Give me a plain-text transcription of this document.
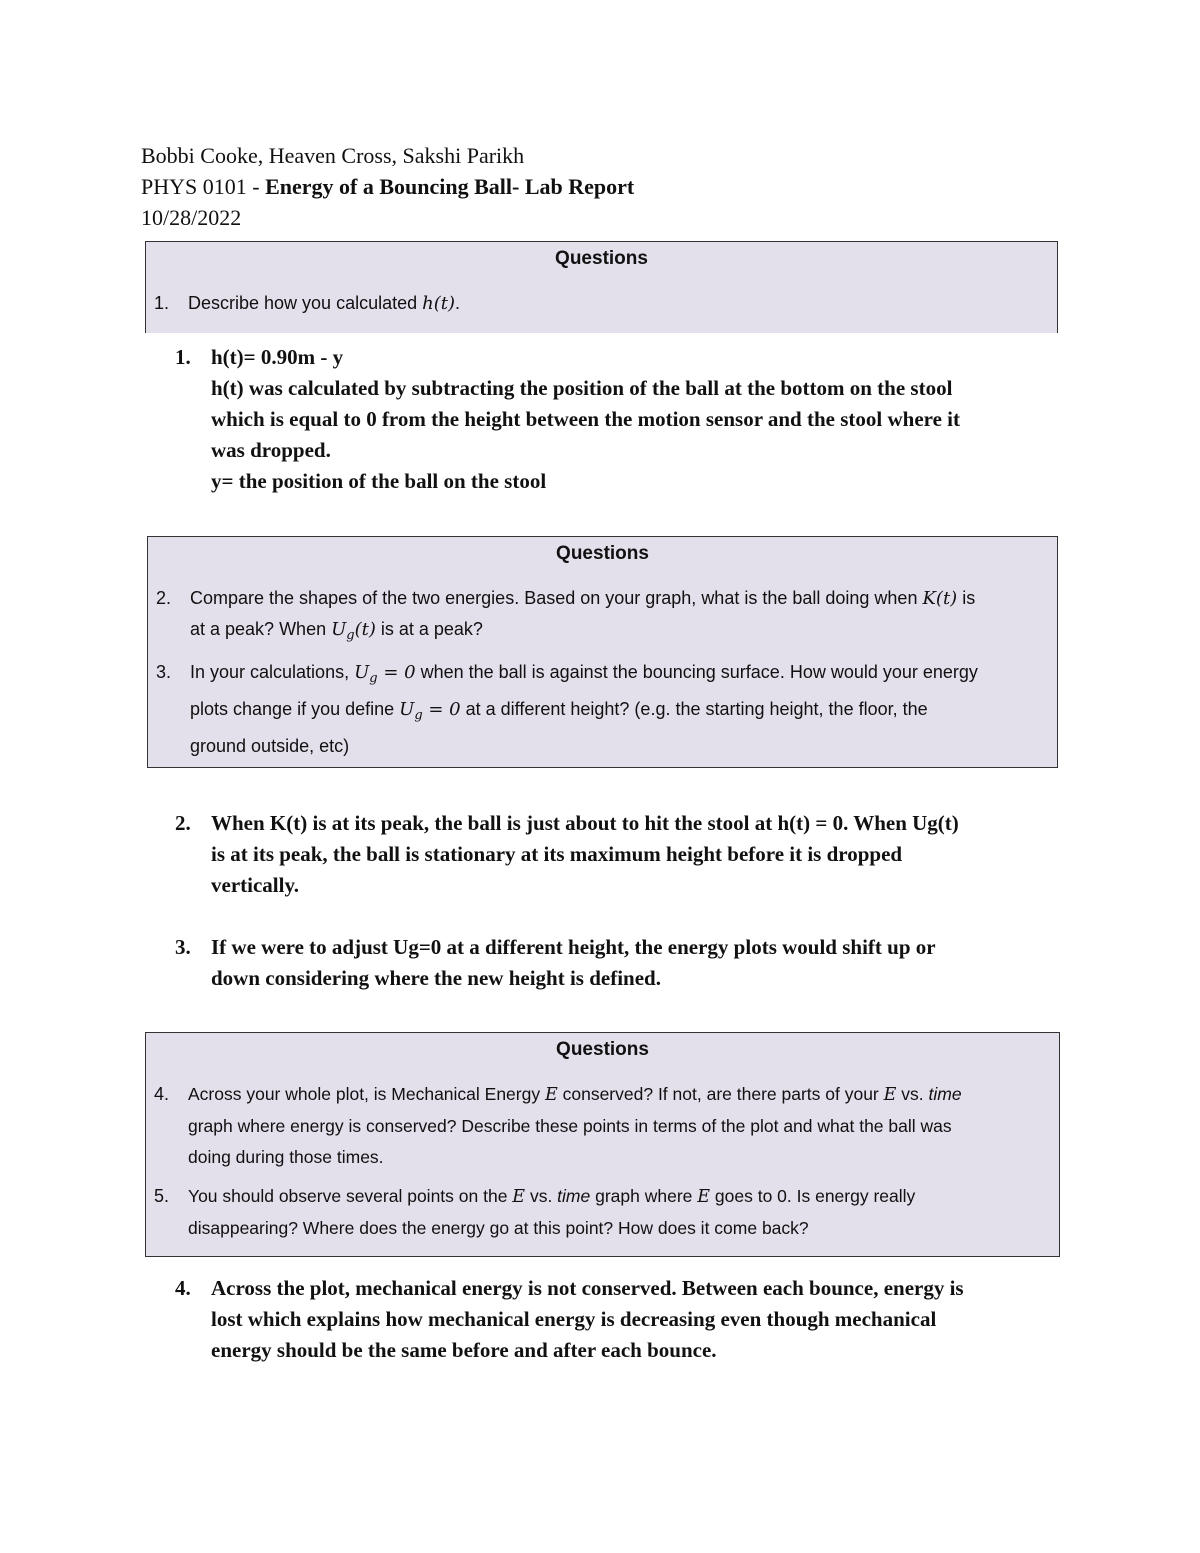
Bobbi Cooke, Heaven Cross, Sakshi Parikh
PHYS 0101 - Energy of a Bouncing Ball- Lab Report
10/28/2022
Questions
1. Describe how you calculated h(t).
1. h(t)= 0.90m - y
h(t) was calculated by subtracting the position of the ball at the bottom on the stool
which is equal to 0 from the height between the motion sensor and the stool where it
was dropped.
y= the position of the ball on the stool
Questions
2. Compare the shapes of the two energies. Based on your graph, what is the ball doing when K(t) is
at a peak? When $U_g(t)$ is at a peak?
3. In your calculations, $U_g = 0$ when the ball is against the bouncing surface. How would your energy
plots change if you define $U_g = 0$ at a different height? (e.g. the starting height, the floor, the
ground outside, etc)
2. When K(t) is at its peak, the ball is just about to hit the stool at h(t) = 0. When Ug(t)
is at its peak, the ball is stationary at its maximum height before it is dropped
vertically.
3. If we were to adjust Ug=0 at a different height, the energy plots would shift up or
down considering where the new height is defined.
Questions
4. Across your whole plot, is Mechanical Energy E conserved? If not, are there parts of your E vs. time
graph where energy is conserved? Describe these points in terms of the plot and what the ball was
doing during those times.
5. You should observe several points on the E vs. time graph where E goes to 0. Is energy really
disappearing? Where does the energy go at this point? How does it come back?
4. Across the plot, mechanical energy is not conserved. Between each bounce, energy is
lost which explains how mechanical energy is decreasing even though mechanical
energy should be the same before and after each bounce.
